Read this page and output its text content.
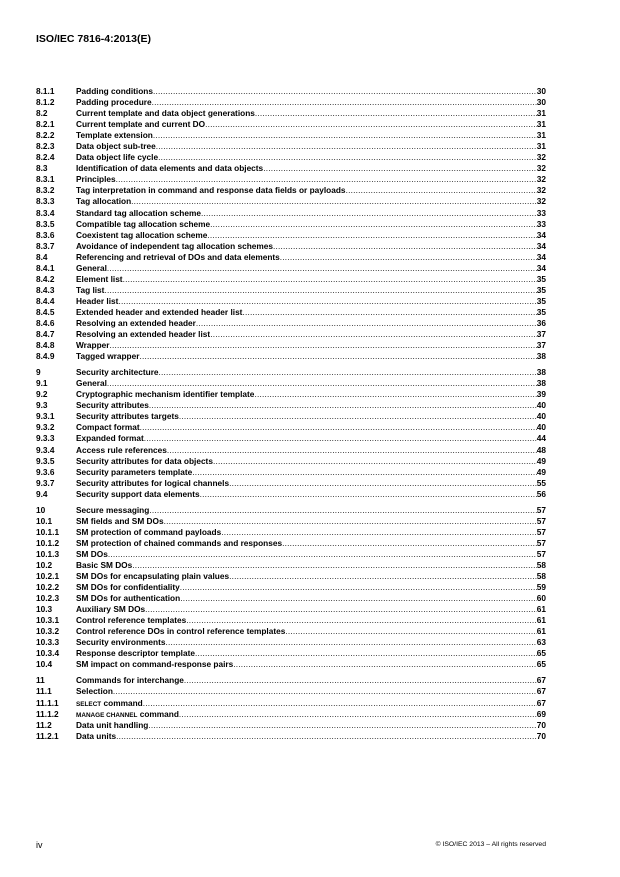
ISO/IEC 7816-4:2013(E)
8.1.1	Padding conditions .....	30
8.1.2	Padding procedure .....	30
8.2	Current template and data object generations .....	31
8.2.1	Current template and current DO .....	31
8.2.2	Template extension .....	31
8.2.3	Data object sub-tree .....	31
8.2.4	Data object life cycle .....	32
8.3	Identification of data elements and data objects .....	32
8.3.1	Principles .....	32
8.3.2	Tag interpretation in command and response data fields or payloads .....	32
8.3.3	Tag allocation .....	32
8.3.4	Standard tag allocation scheme .....	33
8.3.5	Compatible tag allocation scheme .....	33
8.3.6	Coexistent tag allocation scheme .....	34
8.3.7	Avoidance of independent tag allocation schemes .....	34
8.4	Referencing and retrieval of DOs and data elements .....	34
8.4.1	General .....	34
8.4.2	Element list .....	35
8.4.3	Tag list .....	35
8.4.4	Header list .....	35
8.4.5	Extended header and extended header list .....	35
8.4.6	Resolving an extended header .....	36
8.4.7	Resolving an extended header list .....	37
8.4.8	Wrapper .....	37
8.4.9	Tagged wrapper .....	38
9	Security architecture .....	38
9.1	General .....	38
9.2	Cryptographic mechanism identifier template .....	39
9.3	Security attributes .....	40
9.3.1	Security attributes targets .....	40
9.3.2	Compact format .....	40
9.3.3	Expanded format .....	44
9.3.4	Access rule references .....	48
9.3.5	Security attributes for data objects .....	49
9.3.6	Security parameters template .....	49
9.3.7	Security attributes for logical channels .....	55
9.4	Security support data elements .....	56
10	Secure messaging .....	57
10.1	SM fields and SM DOs .....	57
10.1.1	SM protection of command payloads .....	57
10.1.2	SM protection of chained commands and responses .....	57
10.1.3	SM DOs .....	57
10.2	Basic SM DOs .....	58
10.2.1	SM DOs for encapsulating plain values .....	58
10.2.2	SM DOs for confidentiality .....	59
10.2.3	SM DOs for authentication .....	60
10.3	Auxiliary SM DOs .....	61
10.3.1	Control reference templates .....	61
10.3.2	Control reference DOs in control reference templates .....	61
10.3.3	Security environments .....	63
10.3.4	Response descriptor template .....	65
10.4	SM impact on command-response pairs .....	65
11	Commands for interchange .....	67
11.1	Selection .....	67
11.1.1	SELECT command .....	67
11.1.2	MANAGE CHANNEL command .....	69
11.2	Data unit handling .....	70
11.2.1	Data units .....	70
iv	© ISO/IEC 2013 – All rights reserved
